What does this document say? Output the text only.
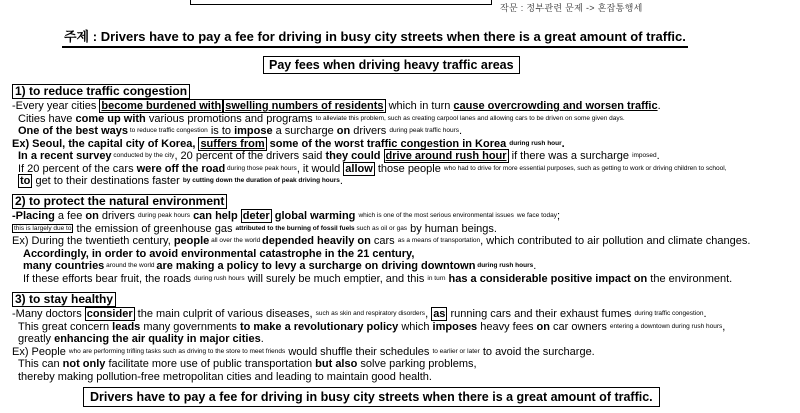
작문 : 정부관련 문제 -> 혼잡통행세
주제 : Drivers have to pay a fee for driving in busy city streets when there is a great amount of traffic.
Pay fees when driving heavy traffic areas
1) to reduce traffic congestion
-Every year cities become burdened with swelling numbers of residents which in turn cause overcrowding and worsen traffic.
Cities have come up with various promotions and programs to alleviate this problem, such as creating carpool lanes and allowing cars to be driven on some given days.
One of the best ways to reduce traffic congestion is to impose a surcharge on drivers during peak traffic hours.
Ex) Seoul, the capital city of Korea, suffers from some of the worst traffic congestion in Korea during rush hour.
In a recent survey conducted by the city, 20 percent of the drivers said they could drive around rush hour if there was a surcharge imposed.
If 20 percent of the cars were off the road during those peak hours, it would allow those people who had to drive for more essential purposes, such as getting to work or driving children to school,
to get to their destinations faster by cutting down the duration of peak driving hours.
2) to protect the natural environment
-Placing a fee on drivers during peak hours can help deter global warming which is one of the most serious environmental issues we face today;
this is largely due to the emission of greenhouse gas attributed to the burning of fossil fuels such as oil or gas by human beings.
Ex) During the twentieth century, people all over the world depended heavily on cars as a means of transportation, which contributed to air pollution and climate changes.
Accordingly, in order to avoid environmental catastrophe in the 21 century,
many countries around the world are making a policy to levy a surcharge on driving downtown during rush hours.
If these efforts bear fruit, the roads during rush hours will surely be much emptier, and this in turn has a considerable positive impact on the environment.
3) to stay healthy
-Many doctors consider the main culprit of various diseases, such as skin and respiratory disorders, as running cars and their exhaust fumes during traffic congestion.
This great concern leads many governments to make a revolutionary policy which imposes heavy fees on car owners entering a downtown during rush hours,
greatly enhancing the air quality in major cities.
Ex) People who are performing trifling tasks such as driving to the store to meet friends would shuffle their schedules to earlier or later to avoid the surcharge.
This can not only facilitate more use of public transportation but also solve parking problems,
thereby making pollution-free metropolitan cities and leading to maintain good health.
Drivers have to pay a fee for driving in busy city streets when there is a great amount of traffic.
